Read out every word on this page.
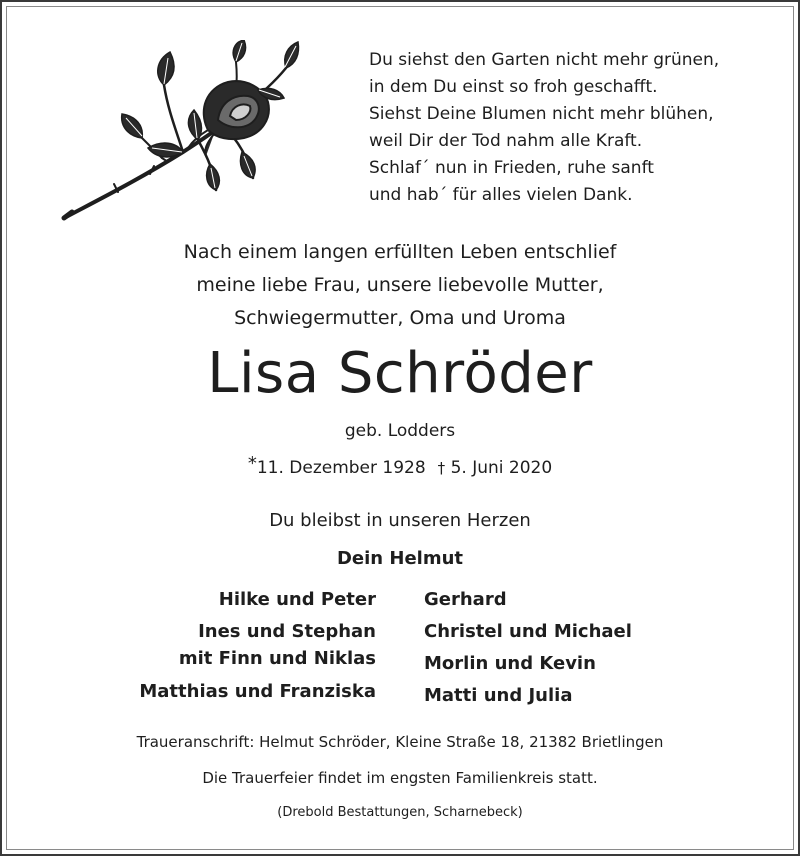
Du siehst den Garten nicht mehr grünen,
in dem Du einst so froh geschafft.
Siehst Deine Blumen nicht mehr blühen,
weil Dir der Tod nahm alle Kraft.
Schlaf´ nun in Frieden, ruhe sanft
und hab´ für alles vielen Dank.
Nach einem langen erfüllten Leben entschlief
meine liebe Frau, unsere liebevolle Mutter,
Schwiegermutter, Oma und Uroma
Lisa Schröder
geb. Lodders
*11. Dezember 1928 † 5. Juni 2020
Du bleibst in unseren Herzen
Dein Helmut
Hilke und Peter
Ines und Stephan
mit Finn und Niklas
Matthias und Franziska
Gerhard
Christel und Michael
Morlin und Kevin
Matti und Julia
Traueranschrift: Helmut Schröder, Kleine Straße 18, 21382 Brietlingen
Die Trauerfeier findet im engsten Familienkreis statt.
(Drebold Bestattungen, Scharnebeck)
